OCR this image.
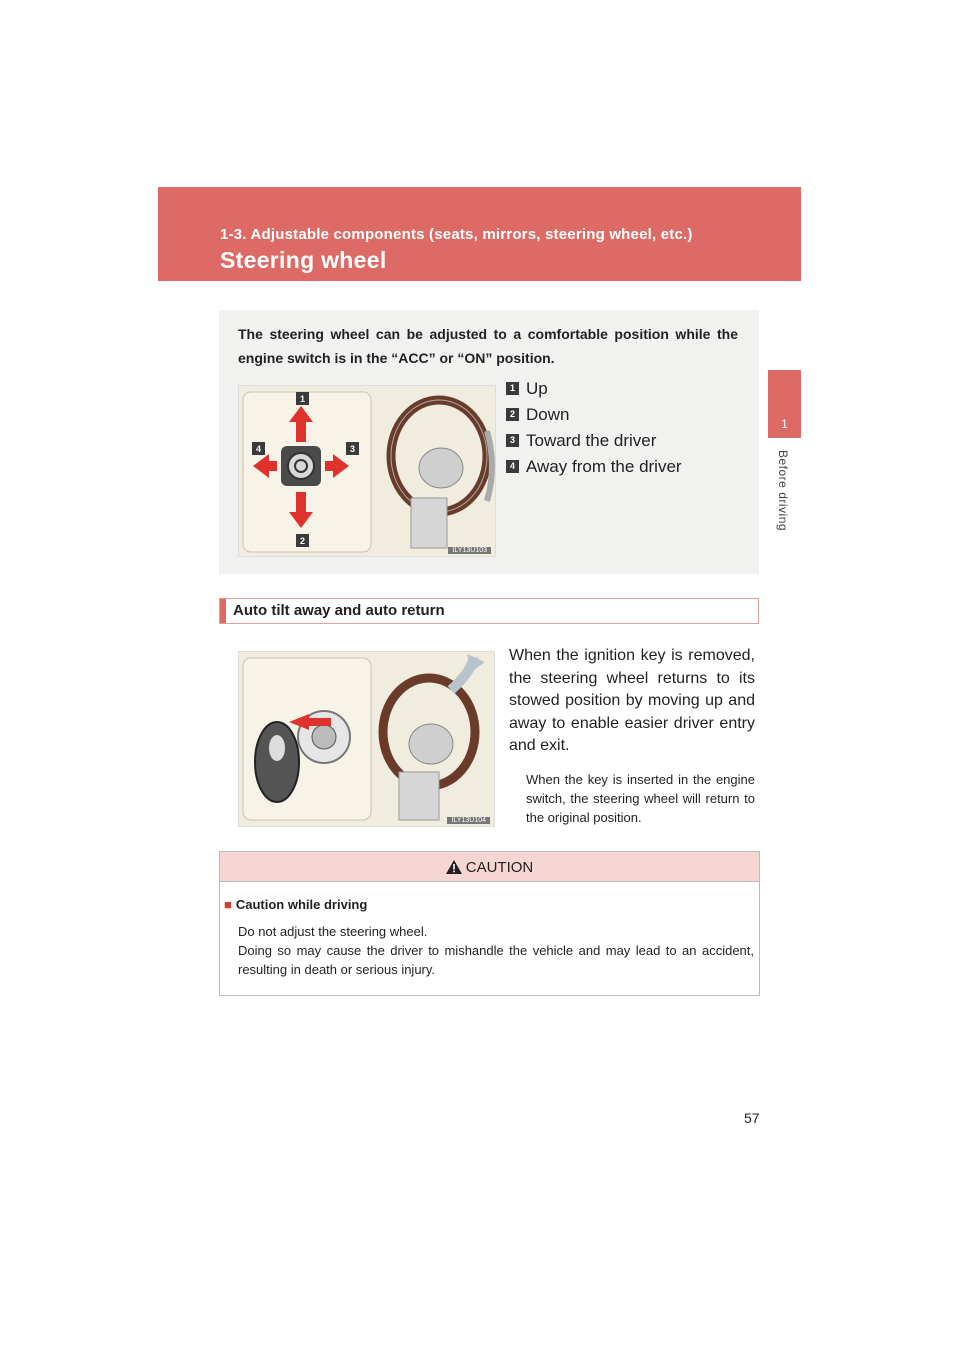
1-3. Adjustable components (seats, mirrors, steering wheel, etc.)
Steering wheel
1
Before driving
The steering wheel can be adjusted to a comfortable position while the engine switch is in the “ACC” or “ON” position.
1
2
3
4
ILY13U103
1 Up
2 Down
3 Toward the driver
4 Away from the driver
Auto tilt away and auto return
ILY13U104
When the ignition key is removed, the steering wheel returns to its stowed position by moving up and away to enable easier driver entry and exit.
When the key is inserted in the engine switch, the steering wheel will return to the original position.
CAUTION
■ Caution while driving
Do not adjust the steering wheel.
Doing so may cause the driver to mishandle the vehicle and may lead to an accident, resulting in death or serious injury.
57
